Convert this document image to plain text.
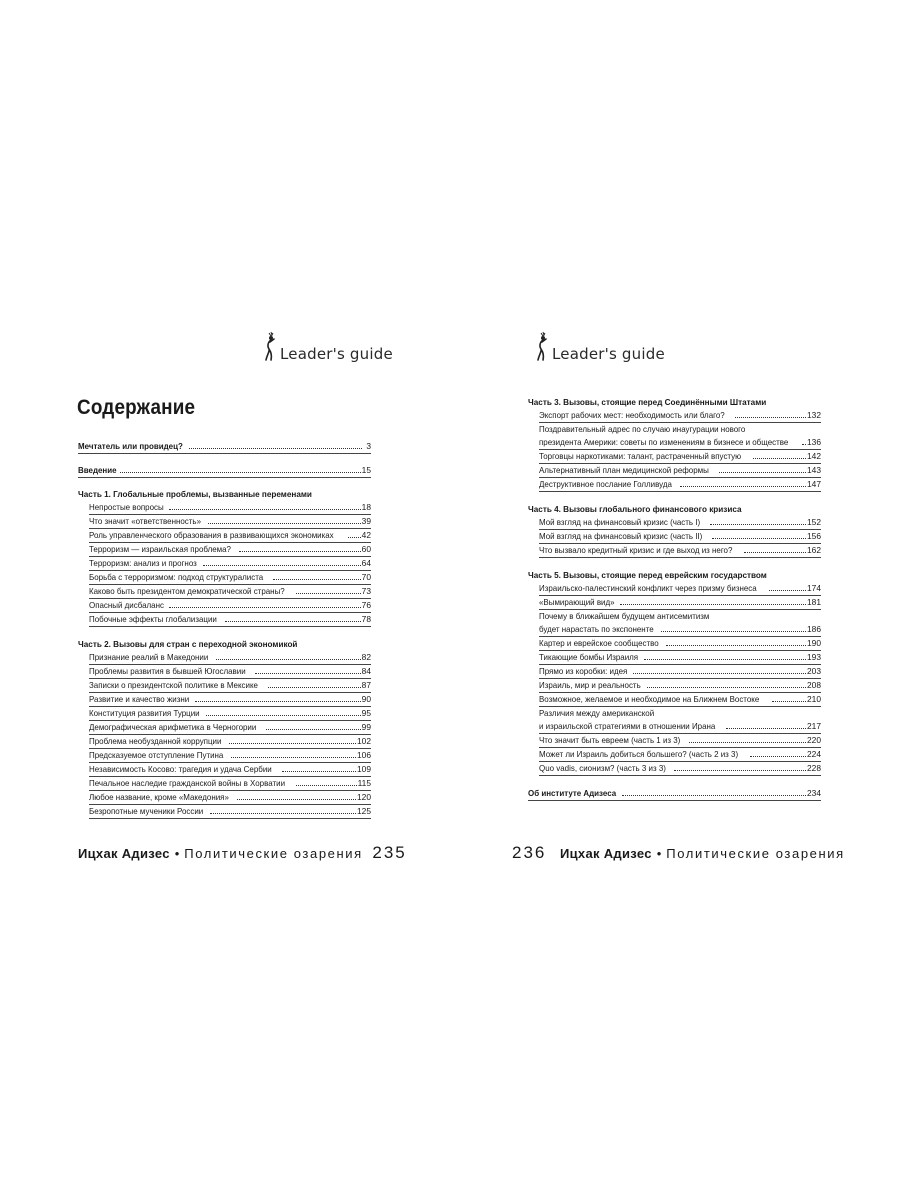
Leader's guide
Содержание
Мечтатель или провидец?	3
Введение	15
Часть 1. Глобальные проблемы, вызванные переменами
Непростые вопросы	18
Что значит «ответственность»	39
Роль управленческого образования в развивающихся экономиках	42
Терроризм — израильская проблема?	60
Терроризм: анализ и прогноз	64
Борьба с терроризмом: подход структуралиста	70
Каково быть президентом демократической страны?	73
Опасный дисбаланс	76
Побочные эффекты глобализации	78
Часть 2. Вызовы для стран с переходной экономикой
Признание реалий в Македонии	82
Проблемы развития в бывшей Югославии	84
Записки о президентской политике в Мексике	87
Развитие и качество жизни	90
Конституция развития Турции	95
Демографическая арифметика в Черногории	99
Проблема необузданной коррупции	102
Предсказуемое отступление Путина	106
Независимость Косово: трагедия и удача Сербии	109
Печальное наследие гражданской войны в Хорватии	115
Любое название, кроме «Македония»	120
Безропотные мученики России	125
Ицхак Адизес • Политические озарения 235
Leader's guide
Часть 3. Вызовы, стоящие перед Соединёнными Штатами
Экспорт рабочих мест: необходимость или благо?	132
Поздравительный адрес по случаю инаугурации нового
президента Америки: советы по изменениям в бизнесе и обществе 136
Торговцы наркотиками: талант, растраченный впустую	142
Альтернативный план медицинской реформы	143
Деструктивное послание Голливуда	147
Часть 4. Вызовы глобального финансового кризиса
Мой взгляд на финансовый кризис (часть I)	152
Мой взгляд на финансовый кризис (часть II)	156
Что вызвало кредитный кризис и где выход из него?	162
Часть 5. Вызовы, стоящие перед еврейским государством
Израильско-палестинский конфликт через призму бизнеса	174
«Вымирающий вид»	181
Почему в ближайшем будущем антисемитизм
будет нарастать по экспоненте	186
Картер и еврейское сообщество	190
Тикающие бомбы Израиля	193
Прямо из коробки: идея	203
Израиль, мир и реальность	208
Возможное, желаемое и необходимое на Ближнем Востоке	210
Различия между американской
и израильской стратегиями в отношении Ирана	217
Что значит быть евреем (часть 1 из 3)	220
Может ли Израиль добиться большего? (часть 2 из 3)	224
Quo vadis, сионизм? (часть 3 из 3)	228
Об институте Адизеса	234
236 Ицхак Адизес • Политические озарения
